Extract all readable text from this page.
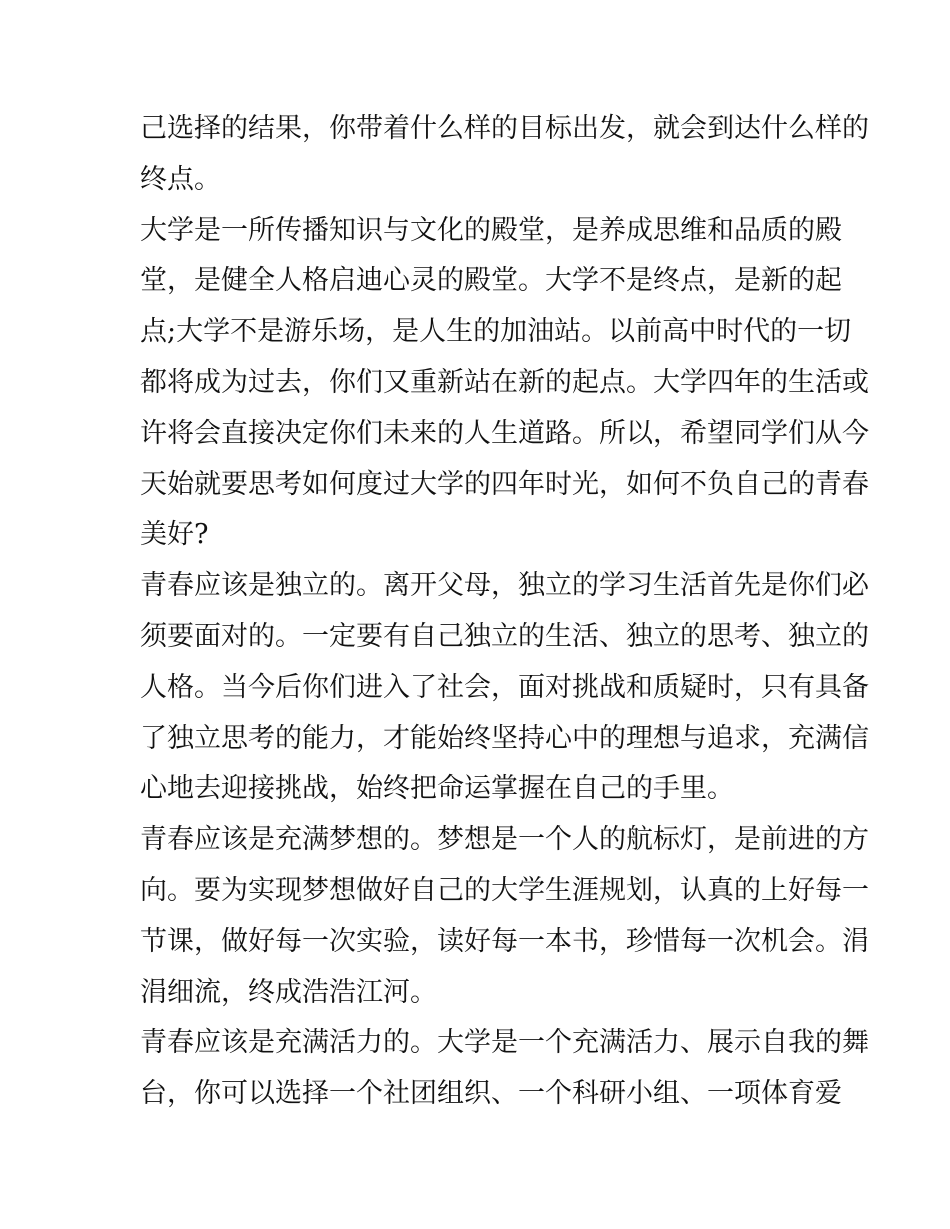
己选择的结果，你带着什么样的目标出发，就会到达什么样的
终点。

大学是一所传播知识与文化的殿堂，是养成思维和品质的殿
堂，是健全人格启迪心灵的殿堂。大学不是终点，是新的起
点;大学不是游乐场，是人生的加油站。以前高中时代的一切
都将成为过去，你们又重新站在新的起点。大学四年的生活或
许将会直接决定你们未来的人生道路。所以，希望同学们从今
天始就要思考如何度过大学的四年时光，如何不负自己的青春
美好?

青春应该是独立的。离开父母，独立的学习生活首先是你们必
须要面对的。一定要有自己独立的生活、独立的思考、独立的
人格。当今后你们进入了社会，面对挑战和质疑时，只有具备
了独立思考的能力，才能始终坚持心中的理想与追求，充满信
心地去迎接挑战，始终把命运掌握在自己的手里。

青春应该是充满梦想的。梦想是一个人的航标灯，是前进的方
向。要为实现梦想做好自己的大学生涯规划，认真的上好每一
节课，做好每一次实验，读好每一本书，珍惜每一次机会。涓
涓细流，终成浩浩江河。

青春应该是充满活力的。大学是一个充满活力、展示自我的舞
台，你可以选择一个社团组织、一个科研小组、一项体育爱
